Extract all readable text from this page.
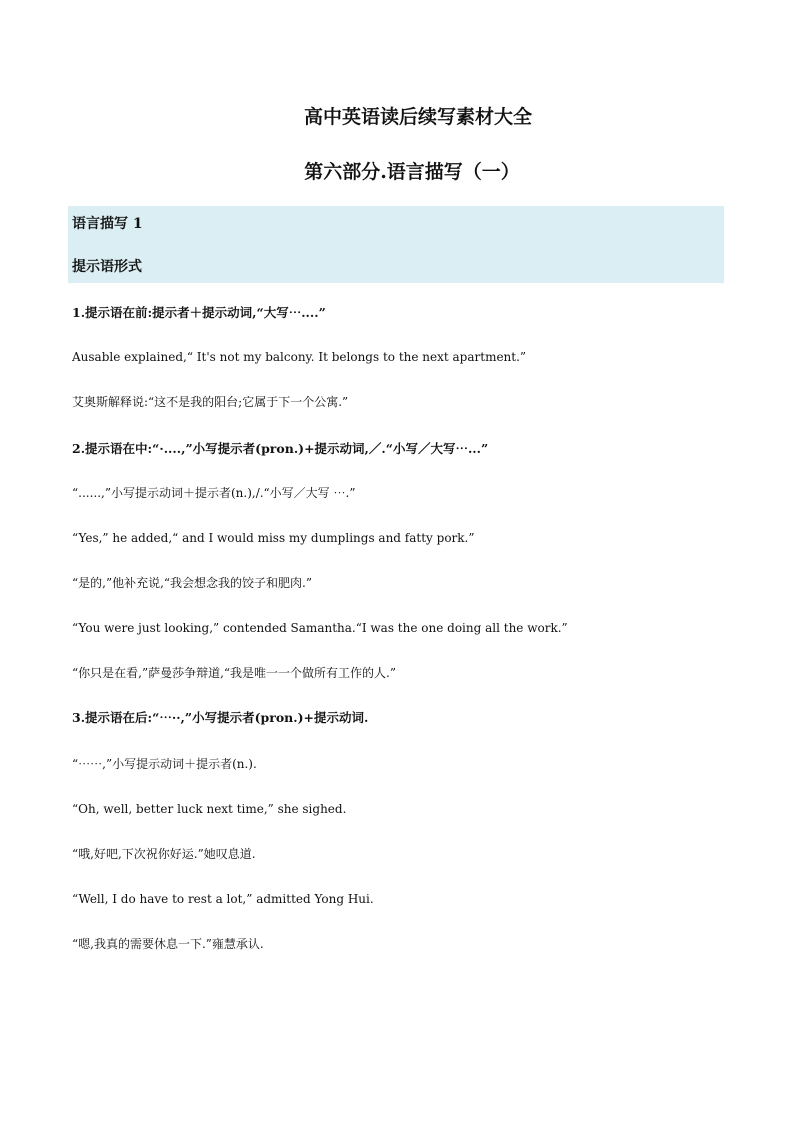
高中英语读后续写素材大全
第六部分.语言描写（一）
语言描写 1
提示语形式
1.提示语在前:提示者＋提示动词,“大写⋯....”
Ausable explained,“ It's not my balcony. It belongs to the next apartment.”
艾奥斯解释说:“这不是我的阳台;它属于下一个公寓.”
2.提示语在中:“·....,”小写提示者(pron.)+提示动词,／.“小写／大写⋯...”
“......,”小写提示动词＋提示者(n.),/.“小写／大写 ⋯.”
“Yes,” he added,“ and I would miss my dumplings and fatty pork.”
“是的,”他补充说,“我会想念我的饺子和肥肉.”
“You were just looking,” contended Samantha.“I was the one doing all the work.”
“你只是在看,”萨曼莎争辩道,“我是唯一一个做所有工作的人.”
3.提示语在后:“⋯··,”小写提示者(pron.)+提示动词.
“⋯⋯,”小写提示动词＋提示者(n.).
“Oh, well, better luck next time,” she sighed.
“哦,好吧,下次祝你好运.”她叹息道.
“Well, I do have to rest a lot,” admitted Yong Hui.
“嗯,我真的需要休息一下.”雍慧承认.
